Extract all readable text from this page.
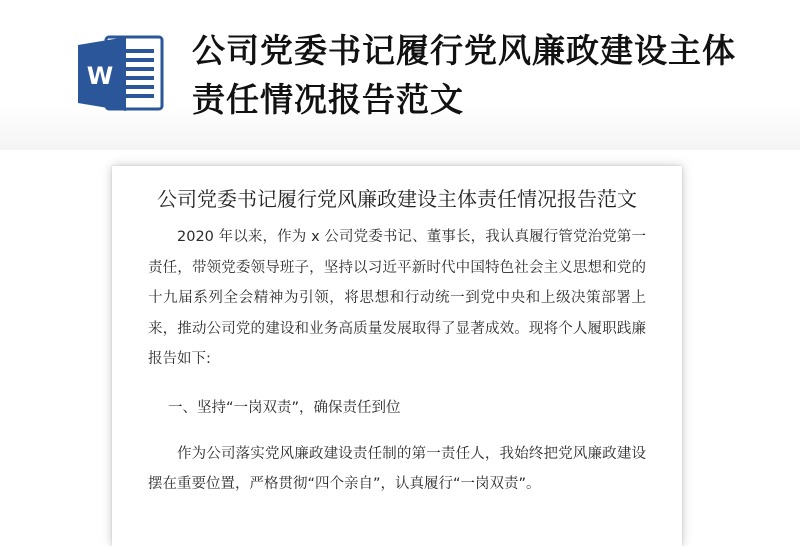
W
公司党委书记履行党风廉政建设主体责任情况报告范文
公司党委书记履行党风廉政建设主体责任情况报告范文

2020 年以来，作为 x 公司党委书记、董事长，我认真履行管党治党第一责任，带领党委领导班子，坚持以习近平新时代中国特色社会主义思想和党的十九届系列全会精神为引领，将思想和行动统一到党中央和上级决策部署上来，推动公司党的建设和业务高质量发展取得了显著成效。现将个人履职践廉报告如下:

一、坚持“一岗双责”，确保责任到位

作为公司落实党风廉政建设责任制的第一责任人，我始终把党风廉政建设摆在重要位置，严格贯彻“四个亲自”，认真履行“一岗双责”。
